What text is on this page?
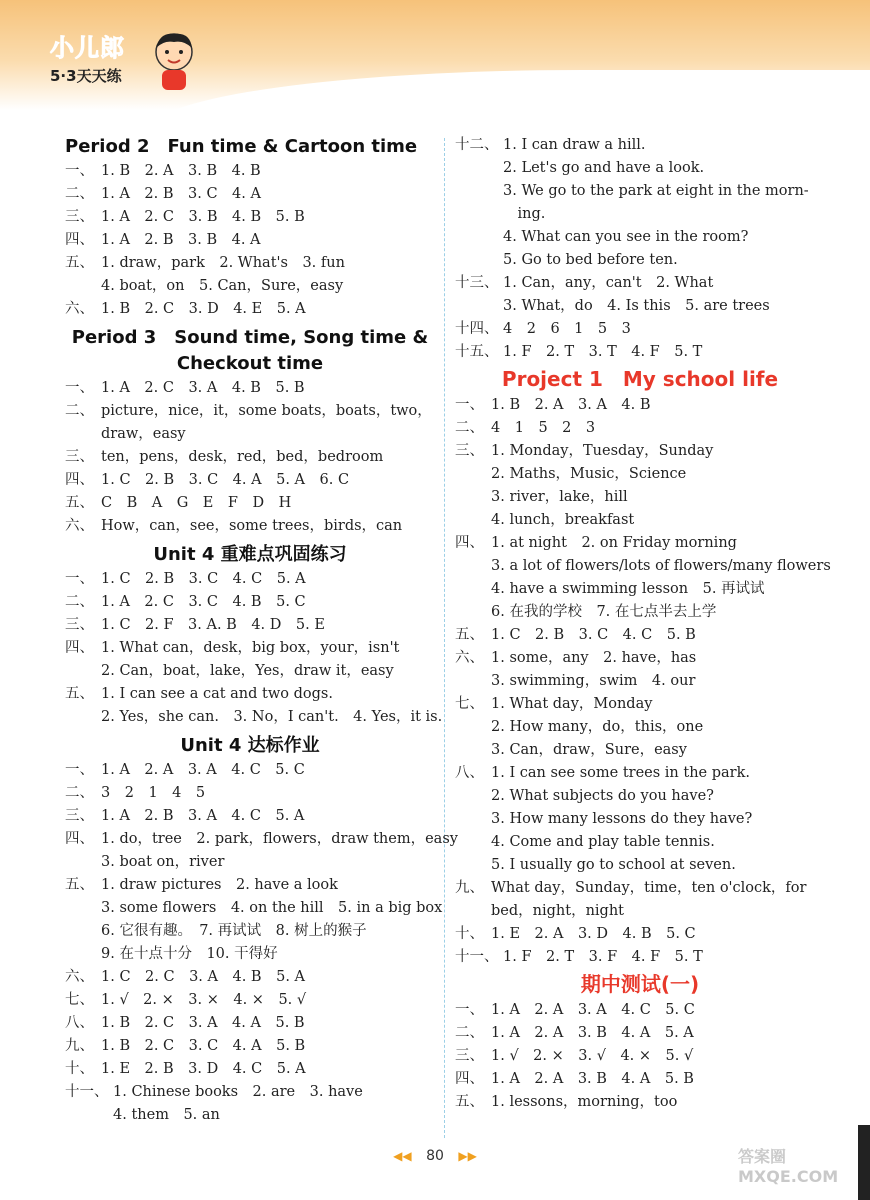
小儿郎
5·3天天练
Period 2　Fun time & Cartoon time
一、 1. B　2. A　3. B　4. B
二、 1. A　2. B　3. C　4. A
三、 1. A　2. C　3. B　4. B　5. B
四、 1. A　2. B　3. B　4. A
五、 1. draw，park　2. What's　3. fun
4. boat，on　5. Can，Sure，easy
六、 1. B　2. C　3. D　4. E　5. A
Period 3　Sound time, Song time &
Checkout time
一、 1. A　2. C　3. A　4. B　5. B
二、 picture，nice，it，some boats，boats，two，
draw，easy
三、 ten，pens，desk，red，bed，bedroom
四、 1. C　2. B　3. C　4. A　5. A　6. C
五、 C　B　A　G　E　F　D　H
六、 How，can，see，some trees，birds，can
Unit 4 重难点巩固练习
一、 1. C　2. B　3. C　4. C　5. A
二、 1. A　2. C　3. C　4. B　5. C
三、 1. C　2. F　3. A. B　4. D　5. E
四、 1. What can，desk，big box，your，isn't
2. Can，boat，lake，Yes，draw it，easy
五、 1. I can see a cat and two dogs.
2. Yes，she can.　3. No，I can't.　4. Yes，it is.
Unit 4 达标作业
一、 1. A　2. A　3. A　4. C　5. C
二、 3　2　1　4　5
三、 1. A　2. B　3. A　4. C　5. A
四、 1. do，tree　2. park，flowers，draw them，easy
3. boat on，river
五、 1. draw pictures　2. have a look
3. some flowers　4. on the hill　5. in a big box
6. 它很有趣。　7. 再试试　8. 树上的猴子
9. 在十点十分　10. 干得好
六、 1. C　2. C　3. A　4. B　5. A
七、 1. √　2. ×　3. ×　4. ×　5. √
八、 1. B　2. C　3. A　4. A　5. B
九、 1. B　2. C　3. C　4. A　5. B
十、 1. E　2. B　3. D　4. C　5. A
十一、 1. Chinese books　2. are　3. have
4. them　5. an
十二、 1. I can draw a hill.
2. Let's go and have a look.
3. We go to the park at eight in the morn-
　ing.
4. What can you see in the room?
5. Go to bed before ten.
十三、 1. Can，any，can't　2. What
3. What，do　4. Is this　5. are trees
十四、 4　2　6　1　5　3
十五、 1. F　2. T　3. T　4. F　5. T
Project 1　My school life
一、 1. B　2. A　3. A　4. B
二、 4　1　5　2　3
三、 1. Monday，Tuesday，Sunday
2. Maths，Music，Science
3. river，lake，hill
4. lunch，breakfast
四、 1. at night　2. on Friday morning
3. a lot of flowers/lots of flowers/many flowers
4. have a swimming lesson　5. 再试试
6. 在我的学校　7. 在七点半去上学
五、 1. C　2. B　3. C　4. C　5. B
六、 1. some，any　2. have，has
3. swimming，swim　4. our
七、 1. What day，Monday
2. How many，do，this，one
3. Can，draw，Sure，easy
八、 1. I can see some trees in the park.
2. What subjects do you have?
3. How many lessons do they have?
4. Come and play table tennis.
5. I usually go to school at seven.
九、 What day，Sunday，time，ten o'clock，for
bed，night，night
十、 1. E　2. A　3. D　4. B　5. C
十一、 1. F　2. T　3. F　4. F　5. T
期中测试(一)
一、 1. A　2. A　3. A　4. C　5. C
二、 1. A　2. A　3. B　4. A　5. A
三、 1. √　2. ×　3. √　4. ×　5. √
四、 1. A　2. A　3. B　4. A　5. B
五、 1. lessons，morning，too
◀◀ 80 ▶▶	答案圈 MXQE.COM
